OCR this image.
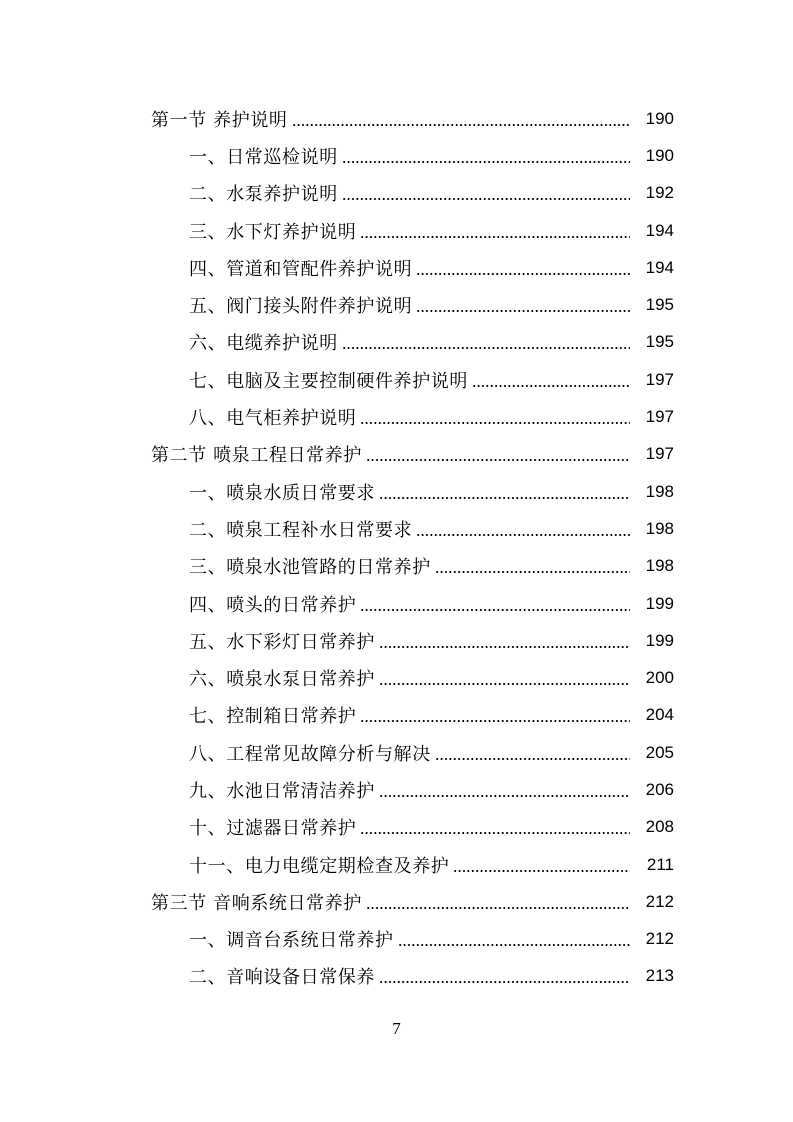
第一节 养护说明	190
一、日常巡检说明	190
二、水泵养护说明	192
三、水下灯养护说明	194
四、管道和管配件养护说明	194
五、阀门接头附件养护说明	195
六、电缆养护说明	195
七、电脑及主要控制硬件养护说明	197
八、电气柜养护说明	197
第二节 喷泉工程日常养护	197
一、喷泉水质日常要求	198
二、喷泉工程补水日常要求	198
三、喷泉水池管路的日常养护	198
四、喷头的日常养护	199
五、水下彩灯日常养护	199
六、喷泉水泵日常养护	200
七、控制箱日常养护	204
八、工程常见故障分析与解决	205
九、水池日常清洁养护	206
十、过滤器日常养护	208
十一、电力电缆定期检查及养护	211
第三节 音响系统日常养护	212
一、调音台系统日常养护	212
二、音响设备日常保养	213
7
